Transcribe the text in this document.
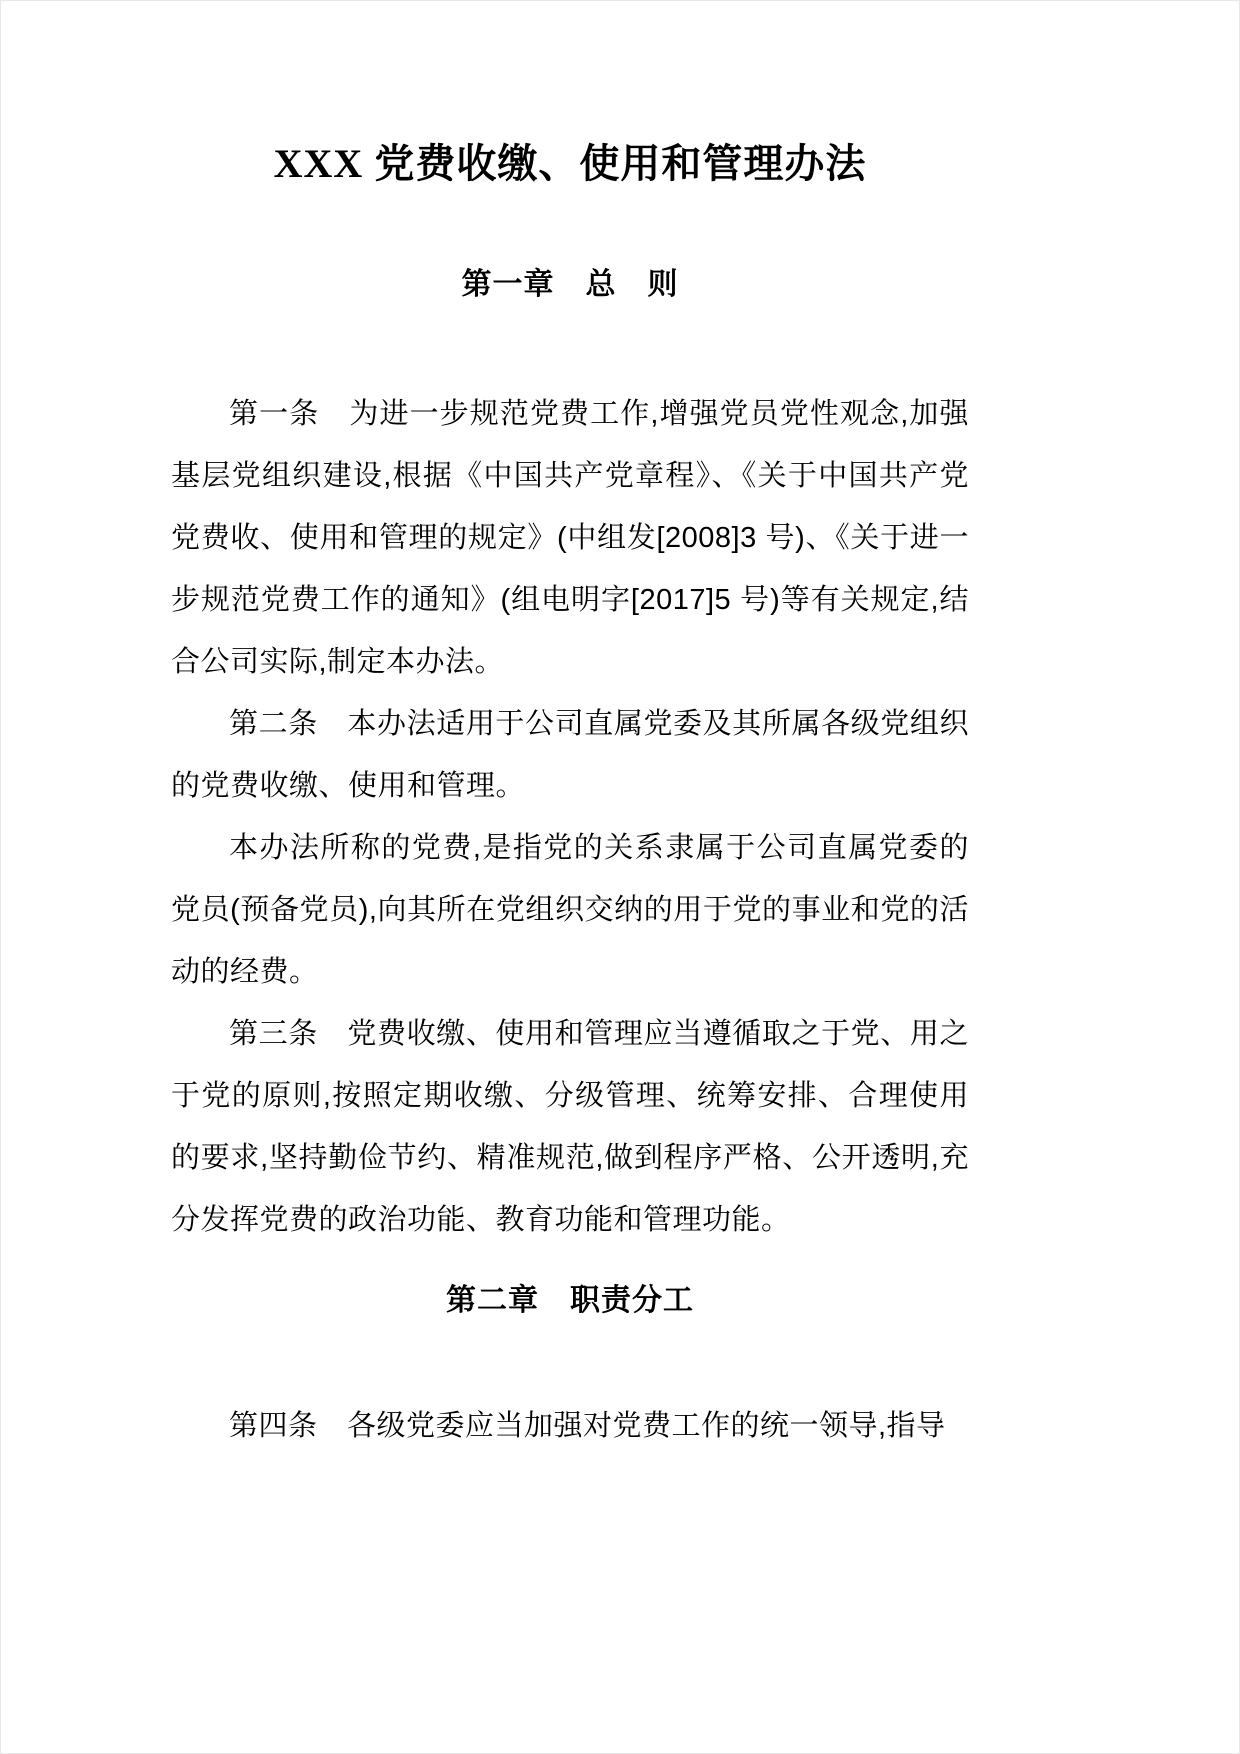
XXX 党费收缴、使用和管理办法
第一章　总　则

第一条　为进一步规范党费工作,增强党员党性观念,加强基层党组织建设,根据《中国共产党章程》、《关于中国共产党党费收、使用和管理的规定》(中组发[2008]3 号)、《关于进一步规范党费工作的通知》(组电明字[2017]5 号)等有关规定,结合公司实际,制定本办法。

第二条　本办法适用于公司直属党委及其所属各级党组织的党费收缴、使用和管理。

本办法所称的党费,是指党的关系隶属于公司直属党委的党员(预备党员),向其所在党组织交纳的用于党的事业和党的活动的经费。

第三条　党费收缴、使用和管理应当遵循取之于党、用之于党的原则,按照定期收缴、分级管理、统筹安排、合理使用的要求,坚持勤俭节约、精准规范,做到程序严格、公开透明,充分发挥党费的政治功能、教育功能和管理功能。

第二章　职责分工

第四条　各级党委应当加强对党费工作的统一领导,指导
